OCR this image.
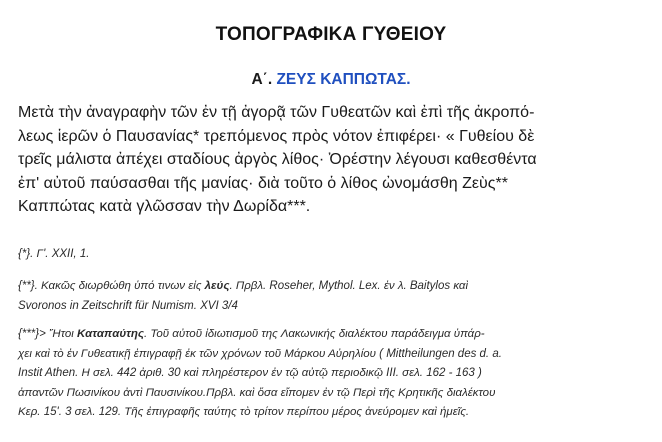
ΤΟΠΟΓΡΑΦΙΚΑ ΓΥΘΕΙΟΥ
Α΄. ΖΕΥΣ ΚΑΠΠΩΤΑΣ.
Μετὰ τὴν ἀναγραφὴν τῶν ἐν τῇ ἀγορᾷ τῶν Γυθεατῶν καὶ ἐπὶ τῆς ἀκροπό-
λεως ἱερῶν ὁ Παυσανίας* τρεπόμενος πρὸς νότον ἐπιφέρει· « Γυθείου δὲ
τρεῖς μάλιστα ἀπέχει σταδίους ἀργὸς λίθος· Ὀρέστην λέγουσι καθεσθέντα
ἐπ' αὐτοῦ παύσασθαι τῆς μανίας· διὰ τοῦτο ὁ λίθος ὠνομάσθη Ζεὺς**
Καππώτας κατὰ γλῶσσαν τὴν Δωρίδα***.
{*}. Γ'. XXII, 1.
{**}. Κακῶς διωρθώθη ὑπό τινων εἰς λεύς. Πρβλ. Roseher, Mythol. Lex. ἐν λ. Baitylos καὶ
Svoronos in Zeitschrift für Numism. XVI 3/4
{***}> Ἤτοι Καταπαύτης. Τοῦ αὐτοῦ ἰδιωτισμοῦ της Λακωνικής διαλέκτου παράδειγμα ὑπάρ-
χει καὶ τὸ ἐν Γυθεατικῇ ἐπιγραφῇ ἐκ τῶν χρόνων τοῦ Μάρκου Αὐρηλίου ( Mittheilungen des d. a.
Instit Athen. Η σελ. 442 ἀριθ. 30 καὶ πληρέστερον ἐν τῷ αὐτῷ περιοδικῷ III. σελ. 162 - 163 )
ἀπαντῶν Πωσινίκου ἀντὶ Παυσινίκου.Πρβλ. καὶ ὅσα εἴπομεν ἐν τῷ Περὶ τῆς Κρητικῆς διαλέκτου
Κερ. 15'. 3 σελ. 129. Τῆς ἐπιγραφῆς ταύτης τὸ τρίτον περίπου μέρος ἀνεύρομεν καὶ ἡμεῖς.
